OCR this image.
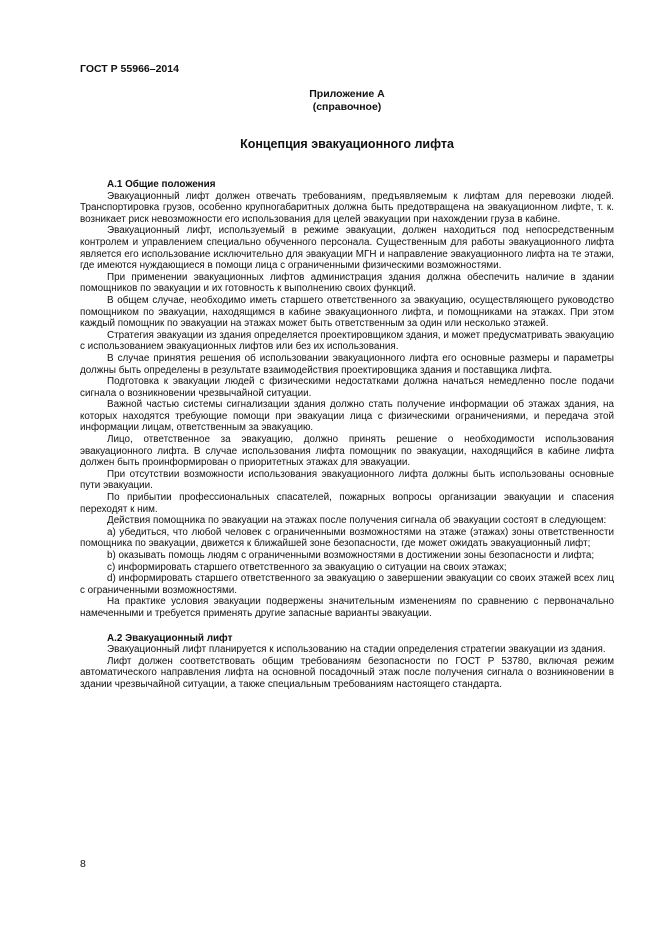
ГОСТ Р 55966–2014
Приложение А
(справочное)
Концепция эвакуационного лифта

А.1 Общие положения

Эвакуационный лифт должен отвечать требованиям, предъявляемым к лифтам для перевозки людей. Транспортировка грузов, особенно крупногабаритных должна быть предотвращена на эвакуационном лифте, т. к. возникает риск невозможности его использования для целей эвакуации при нахождении груза в кабине.

Эвакуационный лифт, используемый в режиме эвакуации, должен находиться под непосредственным контролем и управлением специально обученного персонала. Существенным для работы эвакуационного лифта является его использование исключительно для эвакуации МГН и направление эвакуационного лифта на те этажи, где имеются нуждающиеся в помощи лица с ограниченными физическими возможностями.

При применении эвакуационных лифтов администрация здания должна обеспечить наличие в здании помощников по эвакуации и их готовность к выполнению своих функций.

В общем случае, необходимо иметь старшего ответственного за эвакуацию, осуществляющего руководство помощником по эвакуации, находящимся в кабине эвакуационного лифта, и помощниками на этажах. При этом каждый помощник по эвакуации на этажах может быть ответственным за один или несколько этажей.

Стратегия эвакуации из здания определяется проектировщиком здания, и может предусматривать эвакуацию с использованием эвакуационных лифтов или без их использования.

В случае принятия решения об использовании эвакуационного лифта его основные размеры и параметры должны быть определены в результате взаимодействия проектировщика здания и поставщика лифта.

Подготовка к эвакуации людей с физическими недостатками должна начаться немедленно после подачи сигнала о возникновении чрезвычайной ситуации.

Важной частью системы сигнализации здания должно стать получение информации об этажах здания, на которых находятся требующие помощи при эвакуации лица с физическими ограничениями, и передача этой информации лицам, ответственным за эвакуацию.

Лицо, ответственное за эвакуацию, должно принять решение о необходимости использования эвакуационного лифта. В случае использования лифта помощник по эвакуации, находящийся в кабине лифта должен быть проинформирован о приоритетных этажах для эвакуации.

При отсутствии возможности использования эвакуационного лифта должны быть использованы основные пути эвакуации.

По прибытии профессиональных спасателей, пожарных вопросы организации эвакуации и спасения переходят к ним.

Действия помощника по эвакуации на этажах после получения сигнала об эвакуации состоят в следующем:

а) убедиться, что любой человек с ограниченными возможностями на этаже (этажах) зоны ответственности помощника по эвакуации, движется к ближайшей зоне безопасности, где может ожидать эвакуационный лифт;

b) оказывать помощь людям с ограниченными возможностями в достижении зоны безопасности и лифта;

с) информировать старшего ответственного за эвакуацию о ситуации на своих этажах;

d) информировать старшего ответственного за эвакуацию о завершении эвакуации со своих этажей всех лиц с ограниченными возможностями.

На практике условия эвакуации подвержены значительным изменениям по сравнению с первоначально намеченными и требуется применять другие запасные варианты эвакуации.

А.2 Эвакуационный лифт

Эвакуационный лифт планируется к использованию на стадии определения стратегии эвакуации из здания.

Лифт должен соответствовать общим требованиям безопасности по ГОСТ Р 53780, включая режим автоматического направления лифта на основной посадочный этаж после получения сигнала о возникновении в здании чрезвычайной ситуации, а также специальным требованиям настоящего стандарта.

8
